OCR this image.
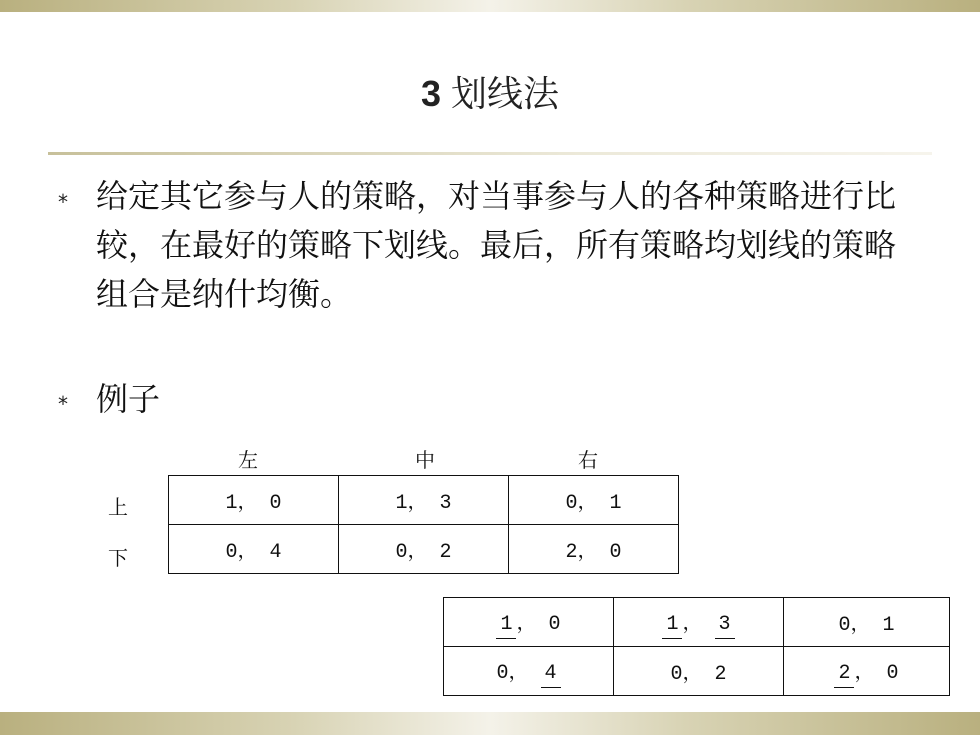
3 划线法
* 给定其它参与人的策略，对当事参与人的各种策略进行比较，在最好的策略下划线。最后，所有策略均划线的策略组合是纳什均衡。
* 例子
左	中	右
上
下
1， 0	1， 3	0， 1
0， 4	0， 2	2， 0
1 ， 0	1 ， 3	0， 1
0， 4	0， 2	2 ， 0
